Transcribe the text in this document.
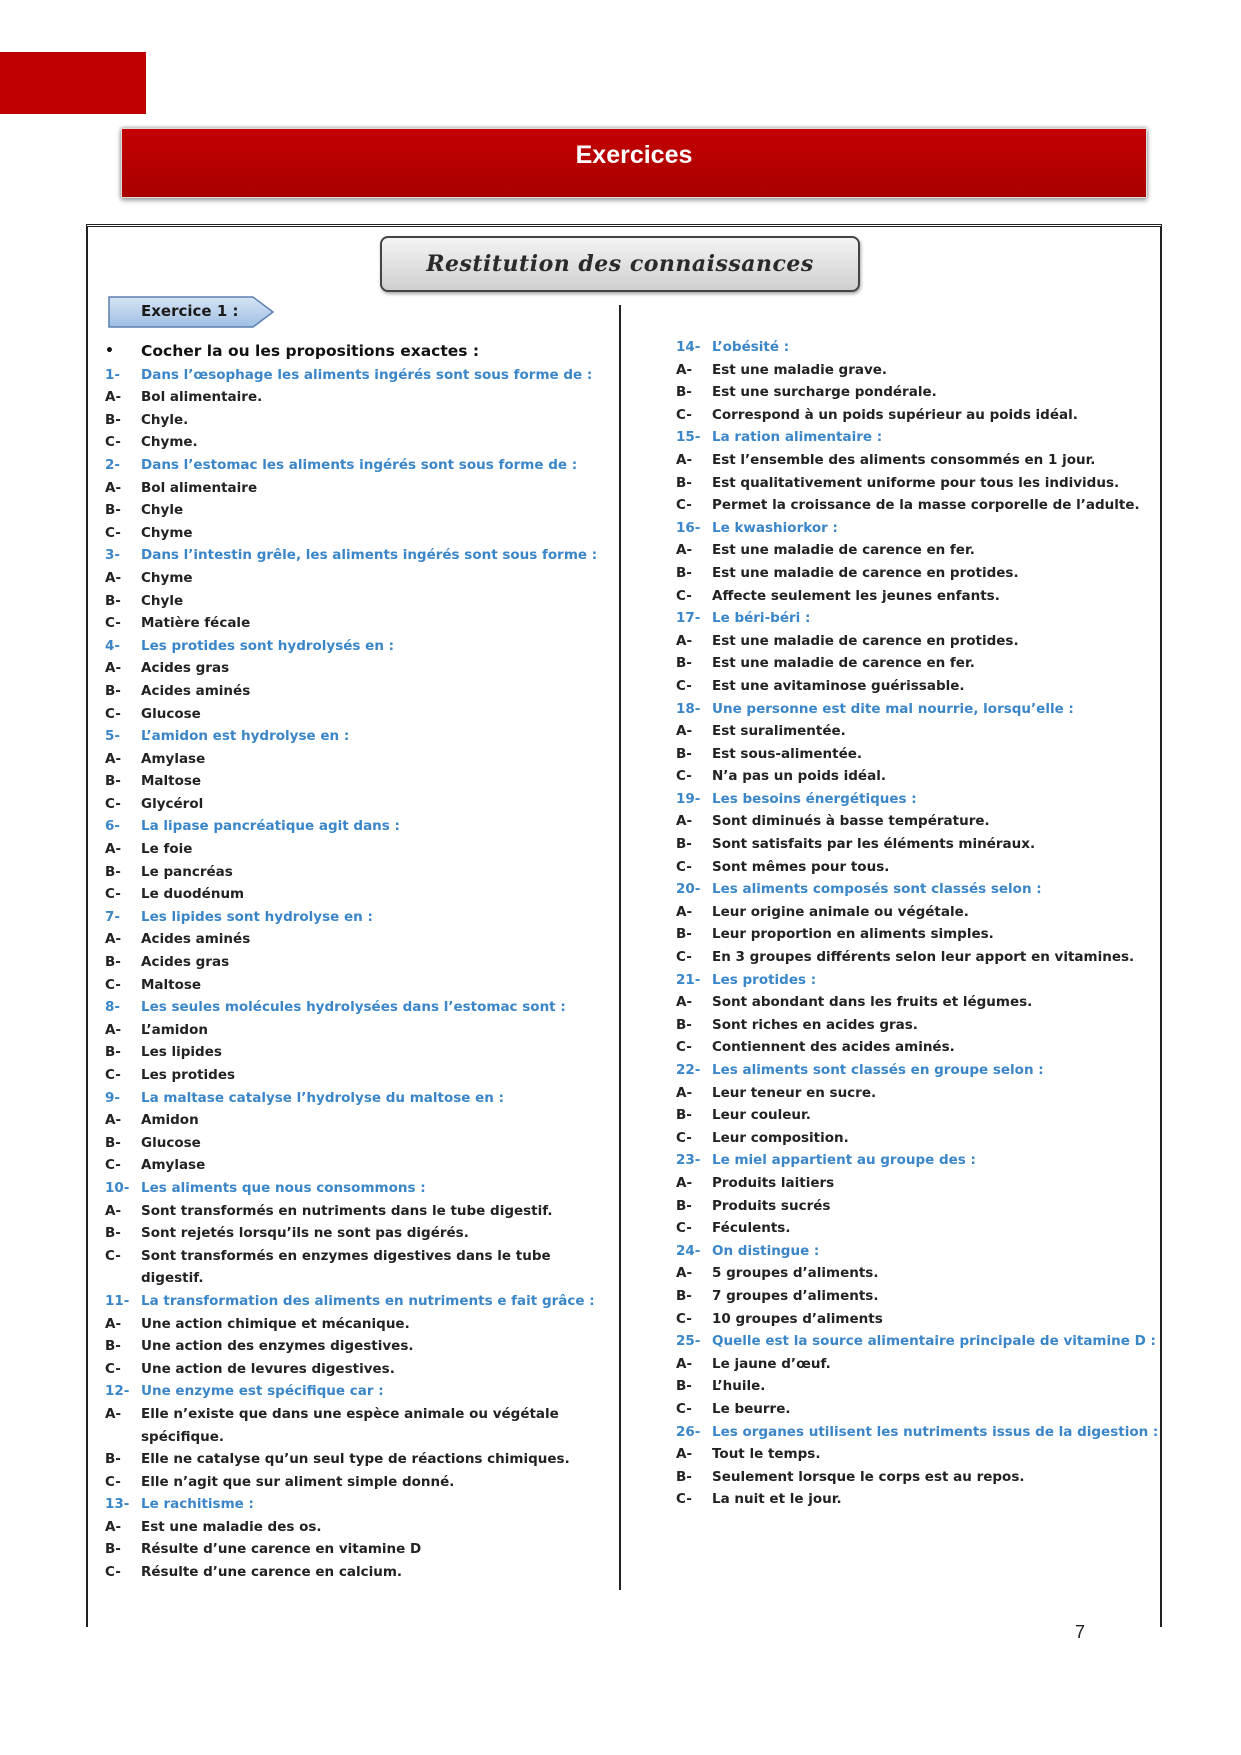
Exercices
Restitution des connaissances
Exercice 1 :
• Cocher la ou les propositions exactes :
1- Dans l’œsophage les aliments ingérés sont sous forme de :
A- Bol alimentaire.
B- Chyle.
C- Chyme.
2- Dans l’estomac les aliments ingérés sont sous forme de :
A- Bol alimentaire
B- Chyle
C- Chyme
3- Dans l’intestin grêle, les aliments ingérés sont sous forme :
A- Chyme
B- Chyle
C- Matière fécale
4- Les protides sont hydrolysés en :
A- Acides gras
B- Acides aminés
C- Glucose
5- L’amidon est hydrolyse en :
A- Amylase
B- Maltose
C- Glycérol
6- La lipase pancréatique agit dans :
A- Le foie
B- Le pancréas
C- Le duodénum
7- Les lipides sont hydrolyse en :
A- Acides aminés
B- Acides gras
C- Maltose
8- Les seules molécules hydrolysées dans l’estomac sont :
A- L’amidon
B- Les lipides
C- Les protides
9- La maltase catalyse l’hydrolyse du maltose en :
A- Amidon
B- Glucose
C- Amylase
10- Les aliments que nous consommons :
A- Sont transformés en nutriments dans le tube digestif.
B- Sont rejetés lorsqu’ils ne sont pas digérés.
C- Sont transformés en enzymes digestives dans le tube digestif.
11- La transformation des aliments en nutriments e fait grâce :
A- Une action chimique et mécanique.
B- Une action des enzymes digestives.
C- Une action de levures digestives.
12- Une enzyme est spécifique car :
A- Elle n’existe que dans une espèce animale ou végétale spécifique.
B- Elle ne catalyse qu’un seul type de réactions chimiques.
C- Elle n’agit que sur aliment simple donné.
13- Le rachitisme :
A- Est une maladie des os.
B- Résulte d’une carence en vitamine D
C- Résulte d’une carence en calcium.
14- L’obésité :
A- Est une maladie grave.
B- Est une surcharge pondérale.
C- Correspond à un poids supérieur au poids idéal.
15- La ration alimentaire :
A- Est l’ensemble des aliments consommés en 1 jour.
B- Est qualitativement uniforme pour tous les individus.
C- Permet la croissance de la masse corporelle de l’adulte.
16- Le kwashiorkor :
A- Est une maladie de carence en fer.
B- Est une maladie de carence en protides.
C- Affecte seulement les jeunes enfants.
17- Le béri-béri :
A- Est une maladie de carence en protides.
B- Est une maladie de carence en fer.
C- Est une avitaminose guérissable.
18- Une personne est dite mal nourrie, lorsqu’elle :
A- Est suralimentée.
B- Est sous-alimentée.
C- N’a pas un poids idéal.
19- Les besoins énergétiques :
A- Sont diminués à basse température.
B- Sont satisfaits par les éléments minéraux.
C- Sont mêmes pour tous.
20- Les aliments composés sont classés selon :
A- Leur origine animale ou végétale.
B- Leur proportion en aliments simples.
C- En 3 groupes différents selon leur apport en vitamines.
21- Les protides :
A- Sont abondant dans les fruits et légumes.
B- Sont riches en acides gras.
C- Contiennent des acides aminés.
22- Les aliments sont classés en groupe selon :
A- Leur teneur en sucre.
B- Leur couleur.
C- Leur composition.
23- Le miel appartient au groupe des :
A- Produits laitiers
B- Produits sucrés
C- Féculents.
24- On distingue :
A- 5 groupes d’aliments.
B- 7 groupes d’aliments.
C- 10 groupes d’aliments
25- Quelle est la source alimentaire principale de vitamine D :
A- Le jaune d’œuf.
B- L’huile.
C- Le beurre.
26- Les organes utilisent les nutriments issus de la digestion :
A- Tout le temps.
B- Seulement lorsque le corps est au repos.
C- La nuit et le jour.
7
